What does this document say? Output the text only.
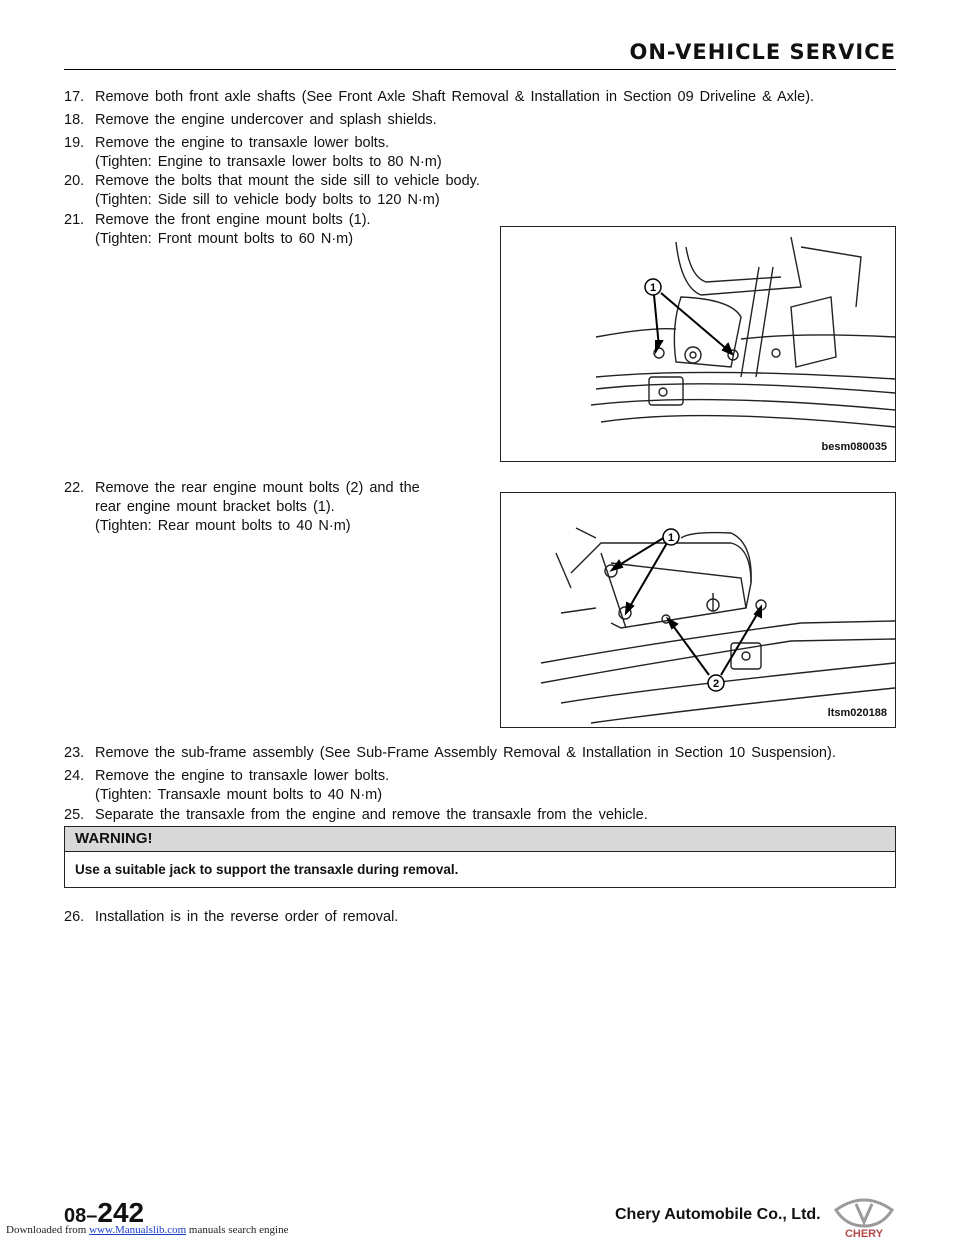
ON-VEHICLE SERVICE
17. Remove both front axle shafts (See Front Axle Shaft Removal & Installation in Section 09 Driveline & Axle).
18. Remove the engine undercover and splash shields.
19. Remove the engine to transaxle lower bolts.
(Tighten: Engine to transaxle lower bolts to 80 N·m)
20. Remove the bolts that mount the side sill to vehicle body.
(Tighten: Side sill to vehicle body bolts to 120 N·m)
21. Remove the front engine mount bolts (1).
(Tighten: Front mount bolts to 60 N·m)
1
besm080035
22. Remove the rear engine mount bolts (2) and the
rear engine mount bracket bolts (1).
(Tighten: Rear mount bolts to 40 N·m)
1
2
ltsm020188
23. Remove the sub-frame assembly (See Sub-Frame Assembly Removal & Installation in Section 10 Suspension).
24. Remove the engine to transaxle lower bolts.
(Tighten: Transaxle mount bolts to 40 N·m)
25. Separate the transaxle from the engine and remove the transaxle from the vehicle.
WARNING!
Use a suitable jack to support the transaxle during removal.
26. Installation is in the reverse order of removal.
08–242	Chery Automobile Co., Ltd.
CHERY
Downloaded from www.Manualslib.com manuals search engine
